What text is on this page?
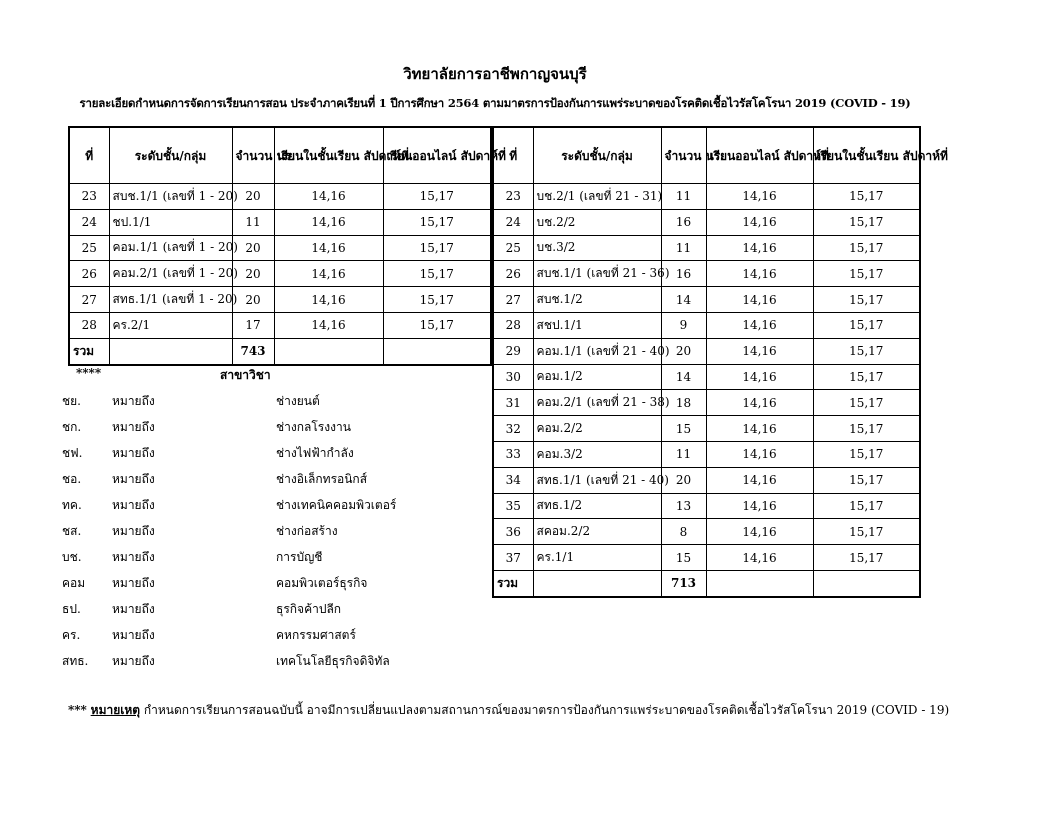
วิทยาลัยการอาชีพกาญจนบุรี
รายละเอียดกำหนดการจัดการเรียนการสอน ประจำภาคเรียนที่ 1 ปีการศึกษา 2564 ตามมาตรการป้องกันการแพร่ระบาดของโรคติดเชื้อไวรัสโคโรนา 2019 (COVID - 19)
ที่	ระดับชั้น/กลุ่ม	จำนวน นร.	เรียนในชั้นเรียน สัปดาห์ที่	เรียนออนไลน์ สัปดาห์ที่
23	สบช.1/1 (เลขที่ 1 - 20)	20	14,16	15,17
24	ชป.1/1	11	14,16	15,17
25	คอม.1/1 (เลขที่ 1 - 20)	20	14,16	15,17
26	คอม.2/1 (เลขที่ 1 - 20)	20	14,16	15,17
27	สทธ.1/1 (เลขที่ 1 - 20)	20	14,16	15,17
28	คร.2/1	17	14,16	15,17
รวม		743		
ที่	ระดับชั้น/กลุ่ม	จำนวน นร.	เรียนออนไลน์ สัปดาห์ที่	เรียนในชั้นเรียน สัปดาห์ที่
23	บช.2/1 (เลขที่ 21 - 31)	11	14,16	15,17
24	บช.2/2	16	14,16	15,17
25	บช.3/2	11	14,16	15,17
26	สบช.1/1 (เลขที่ 21 - 36)	16	14,16	15,17
27	สบช.1/2	14	14,16	15,17
28	สชป.1/1	9	14,16	15,17
29	คอม.1/1 (เลขที่ 21 - 40)	20	14,16	15,17
30	คอม.1/2	14	14,16	15,17
31	คอม.2/1 (เลขที่ 21 - 38)	18	14,16	15,17
32	คอม.2/2	15	14,16	15,17
33	คอม.3/2	11	14,16	15,17
34	สทธ.1/1 (เลขที่ 21 - 40)	20	14,16	15,17
35	สทธ.1/2	13	14,16	15,17
36	สคอม.2/2	8	14,16	15,17
37	คร.1/1	15	14,16	15,17
รวม		713		
****	สาขาวิชา
ชย.	หมายถึง	ช่างยนต์
ชก.	หมายถึง	ช่างกลโรงงาน
ชฟ. หมายถึง	ช่างไฟฟ้ากำลัง
ชอ.	หมายถึง	ช่างอิเล็กทรอนิกส์
ทค.	หมายถึง	ช่างเทคนิคคอมพิวเตอร์
ชส.	หมายถึง	ช่างก่อสร้าง
บช.	หมายถึง	การบัญชี
คอม หมายถึง	คอมพิวเตอร์ธุรกิจ
ธป.	หมายถึง	ธุรกิจค้าปลีก
คร.	หมายถึง	คหกรรมศาสตร์
สทธ. หมายถึง	เทคโนโลยีธุรกิจดิจิทัล
*** หมายเหตุ กำหนดการเรียนการสอนฉบับนี้ อาจมีการเปลี่ยนแปลงตามสถานการณ์ของมาตรการป้องกันการแพร่ระบาดของโรคติดเชื้อไวรัสโคโรนา 2019 (COVID - 19)
